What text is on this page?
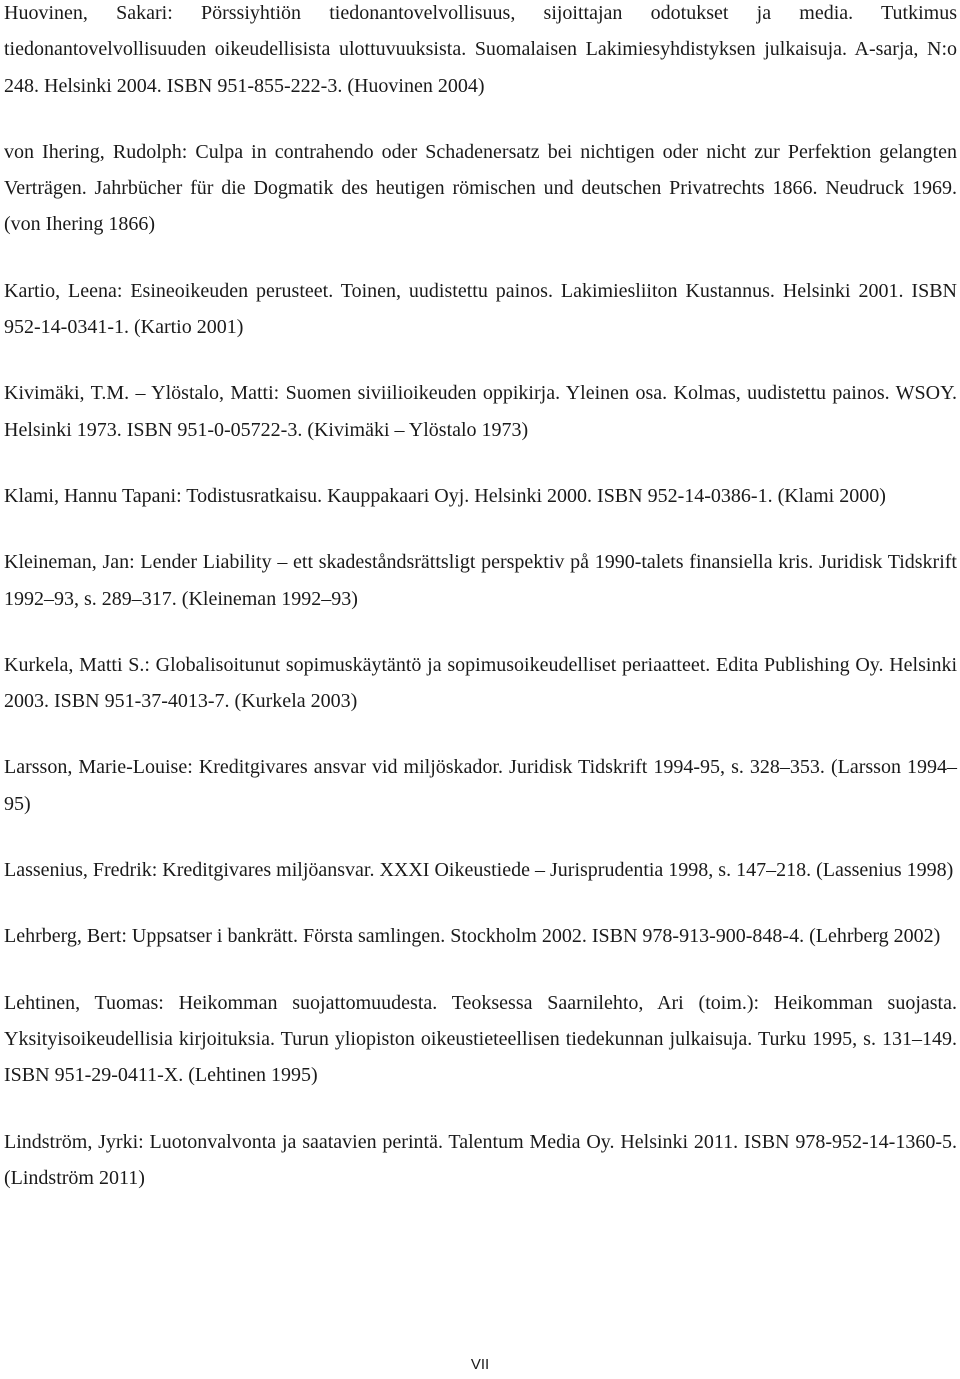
Huovinen, Sakari: Pörssiyhtiön tiedonantovelvollisuus, sijoittajan odotukset ja media. Tutkimus tiedonantovelvollisuuden oikeudellisista ulottuvuuksista. Suomalaisen Lakimiesyhdistyksen julkaisuja. A-sarja, N:o 248. Helsinki 2004. ISBN 951-855-222-3. (Huovinen 2004)

von Ihering, Rudolph: Culpa in contrahendo oder Schadenersatz bei nichtigen oder nicht zur Perfektion gelangten Verträgen. Jahrbücher für die Dogmatik des heutigen römischen und deutschen Privatrechts 1866. Neudruck 1969. (von Ihering 1866)

Kartio, Leena: Esineoikeuden perusteet. Toinen, uudistettu painos. Lakimiesliiton Kustannus. Helsinki 2001. ISBN 952-14-0341-1. (Kartio 2001)

Kivimäki, T.M. – Ylöstalo, Matti: Suomen siviilioikeuden oppikirja. Yleinen osa. Kolmas, uudistettu painos. WSOY. Helsinki 1973. ISBN 951-0-05722-3. (Kivimäki – Ylöstalo 1973)

Klami, Hannu Tapani: Todistusratkaisu. Kauppakaari Oyj. Helsinki 2000. ISBN 952-14-0386-1. (Klami 2000)

Kleineman, Jan: Lender Liability – ett skadeståndsrättsligt perspektiv på 1990-talets finansiella kris. Juridisk Tidskrift 1992–93, s. 289–317. (Kleineman 1992–93)

Kurkela, Matti S.: Globalisoitunut sopimuskäytäntö ja sopimusoikeudelliset periaatteet. Edita Publishing Oy. Helsinki 2003. ISBN 951-37-4013-7. (Kurkela 2003)

Larsson, Marie-Louise: Kreditgivares ansvar vid miljöskador. Juridisk Tidskrift 1994-95, s. 328–353. (Larsson 1994–95)

Lassenius, Fredrik: Kreditgivares miljöansvar. XXXI Oikeustiede – Jurisprudentia 1998, s. 147–218. (Lassenius 1998)

Lehrberg, Bert: Uppsatser i bankrätt. Första samlingen. Stockholm 2002. ISBN 978-913-900-848-4. (Lehrberg 2002)

Lehtinen, Tuomas: Heikomman suojattomuudesta. Teoksessa Saarnilehto, Ari (toim.): Heikomman suojasta. Yksityisoikeudellisia kirjoituksia. Turun yliopiston oikeustieteellisen tiedekunnan julkaisuja. Turku 1995, s. 131–149. ISBN 951-29-0411-X. (Lehtinen 1995)

Lindström, Jyrki: Luotonvalvonta ja saatavien perintä. Talentum Media Oy. Helsinki 2011. ISBN 978-952-14-1360-5. (Lindström 2011)

VII
